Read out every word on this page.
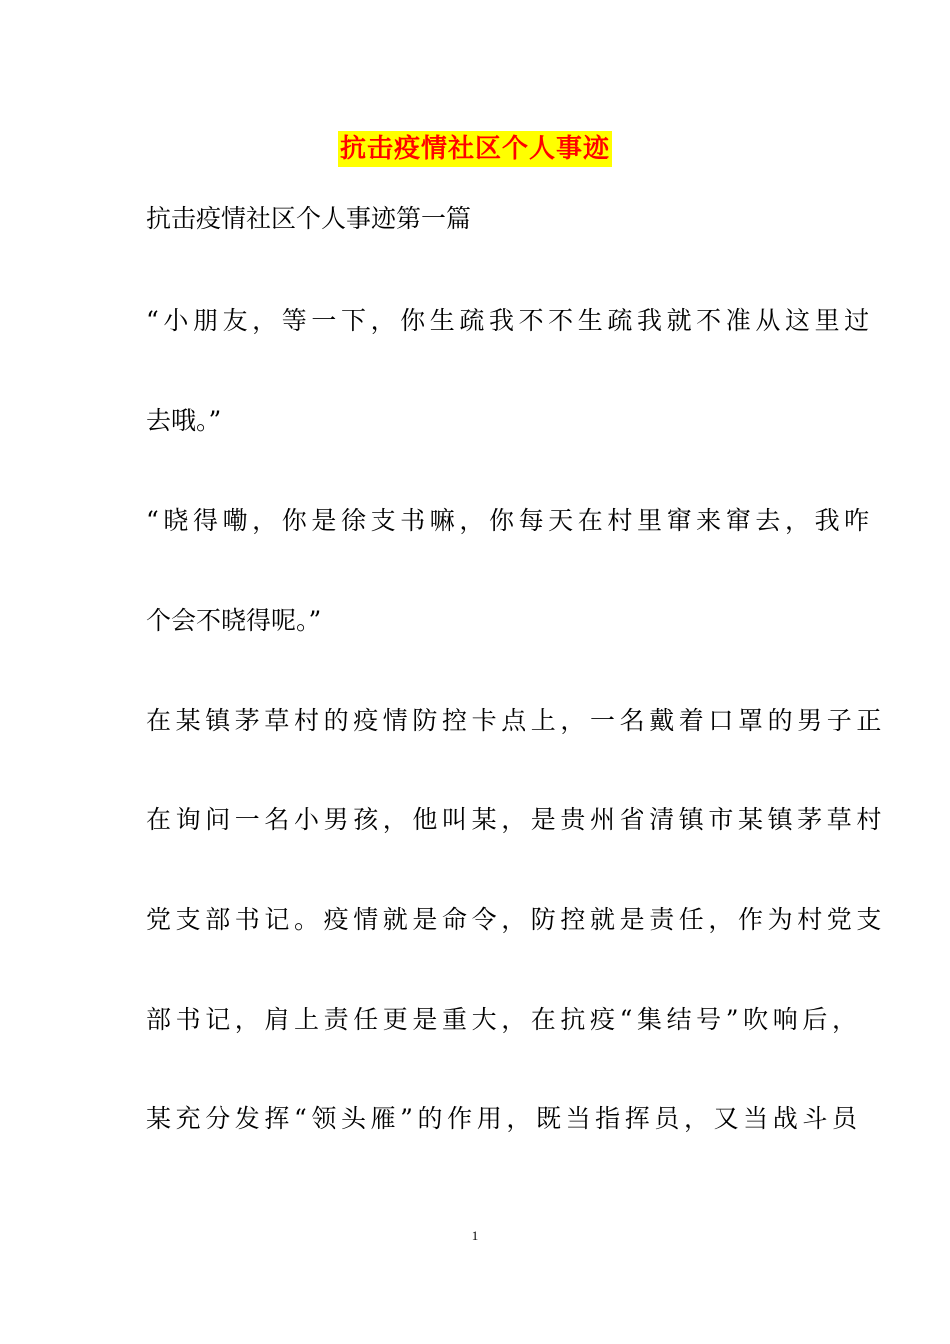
抗击疫情社区个人事迹
抗击疫情社区个人事迹第一篇
“小朋友，等一下，你生疏我不不生疏我就不准从这里过
去哦。”
“晓得嘞，你是徐支书嘛，你每天在村里窜来窜去，我咋
个会不晓得呢。”
在某镇茅草村的疫情防控卡点上，一名戴着口罩的男子正
在询问一名小男孩，他叫某，是贵州省清镇市某镇茅草村
党支部书记。疫情就是命令，防控就是责任，作为村党支
部书记，肩上责任更是重大，在抗疫“集结号”吹响后，
某充分发挥“领头雁”的作用，既当指挥员，又当战斗员
1
